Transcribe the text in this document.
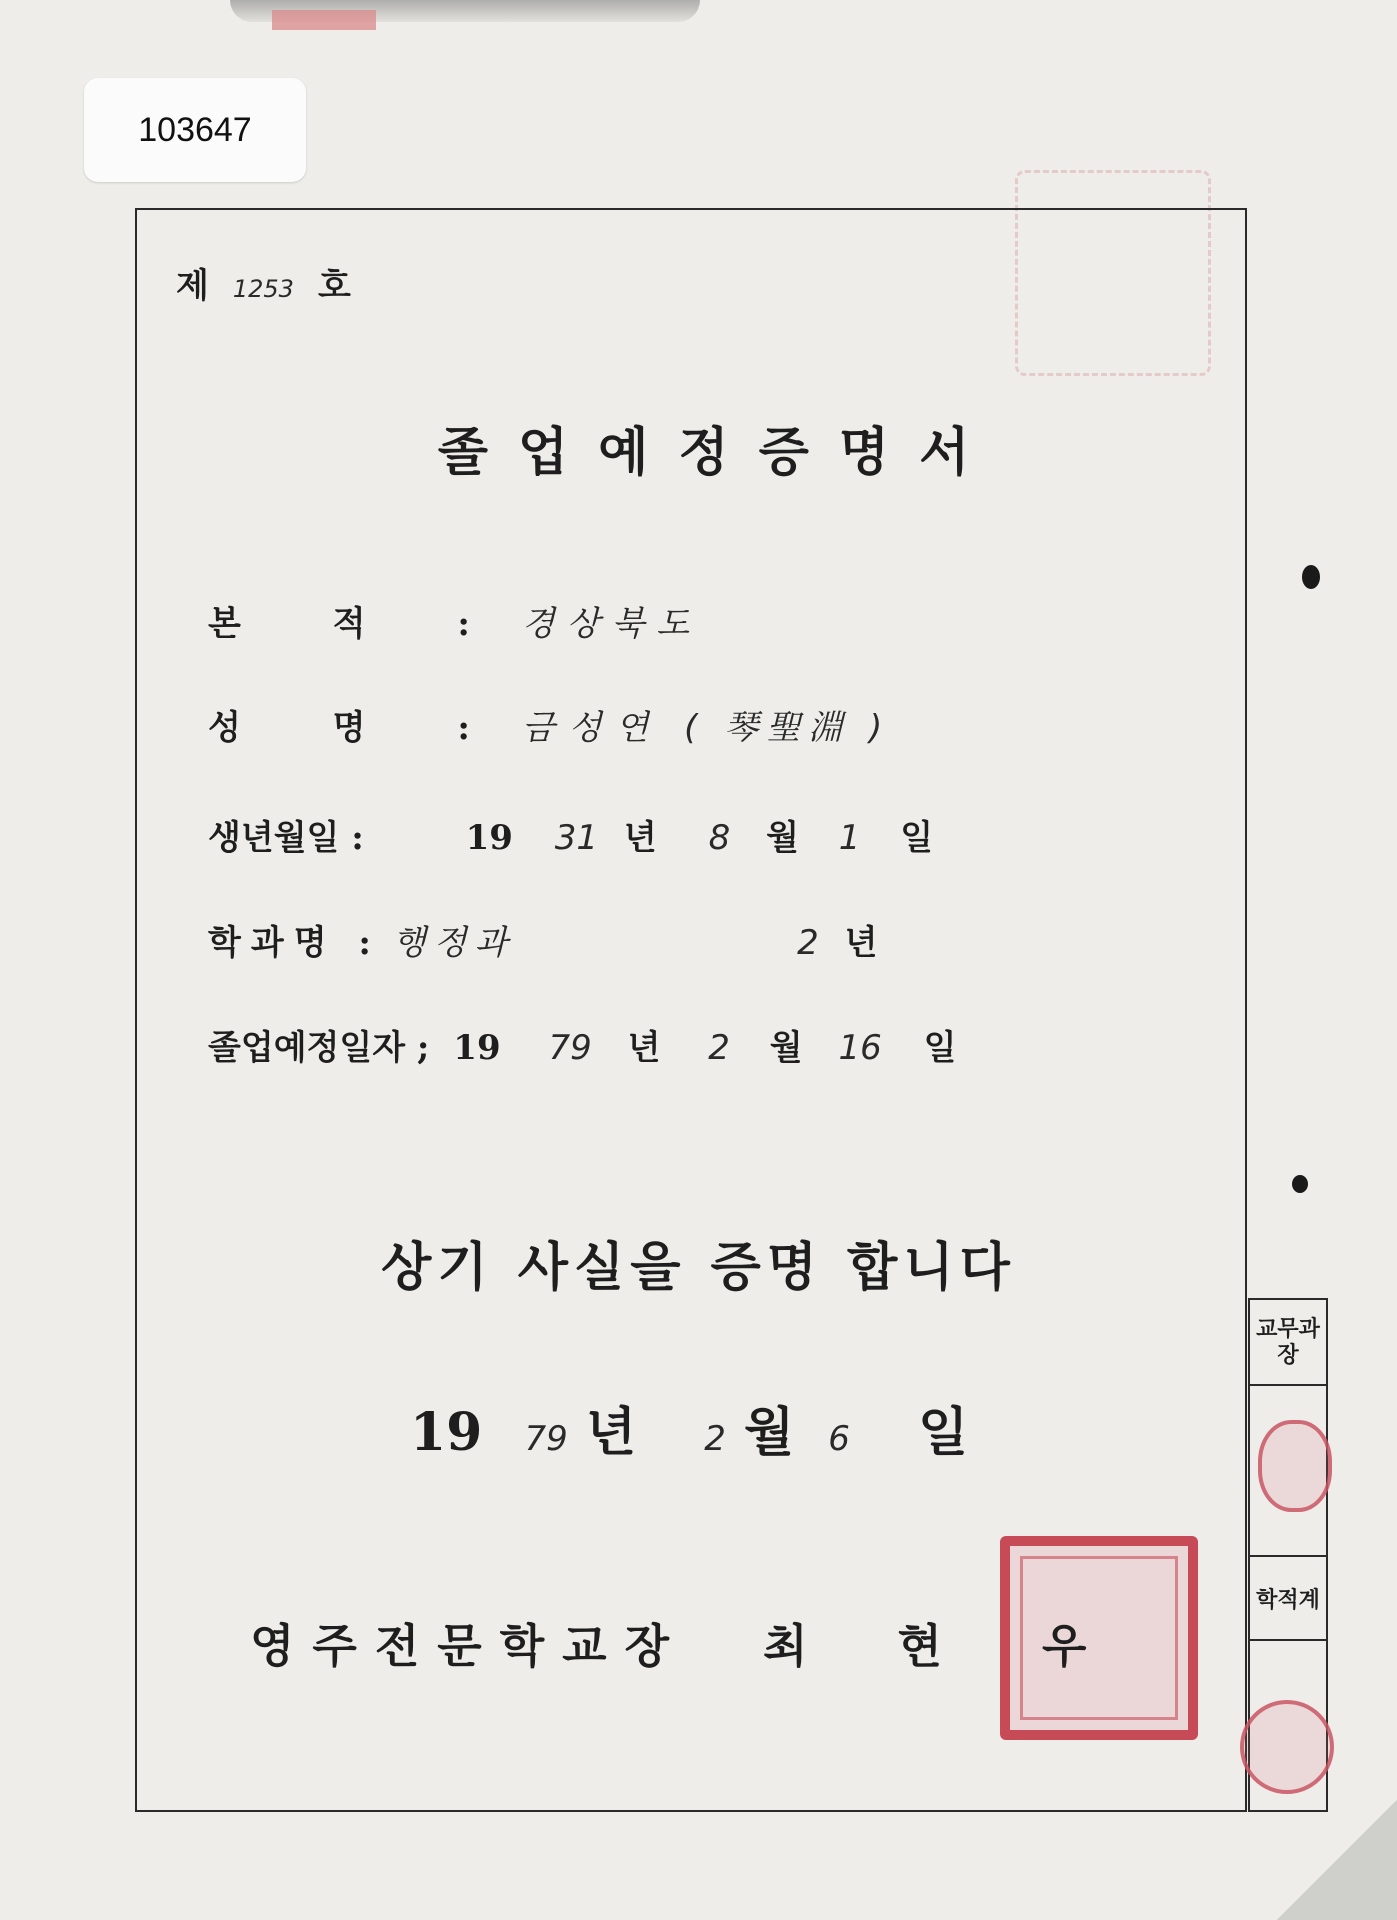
103647
제 1253 호
졸업예정증명서
본 적 : 경상북도
성 명 : 금성연 ( 琴聖淵 )
생년월일 :	19 31 년 8 월 1 일
학과명 : 행정과	2 년
졸업예정일자 ; 19 79 년 2 월 16 일
상기 사실을 증명 합니다
19 79 년 2 월 6 일
영주전문학교장 최현 우
교무과장
학적계
